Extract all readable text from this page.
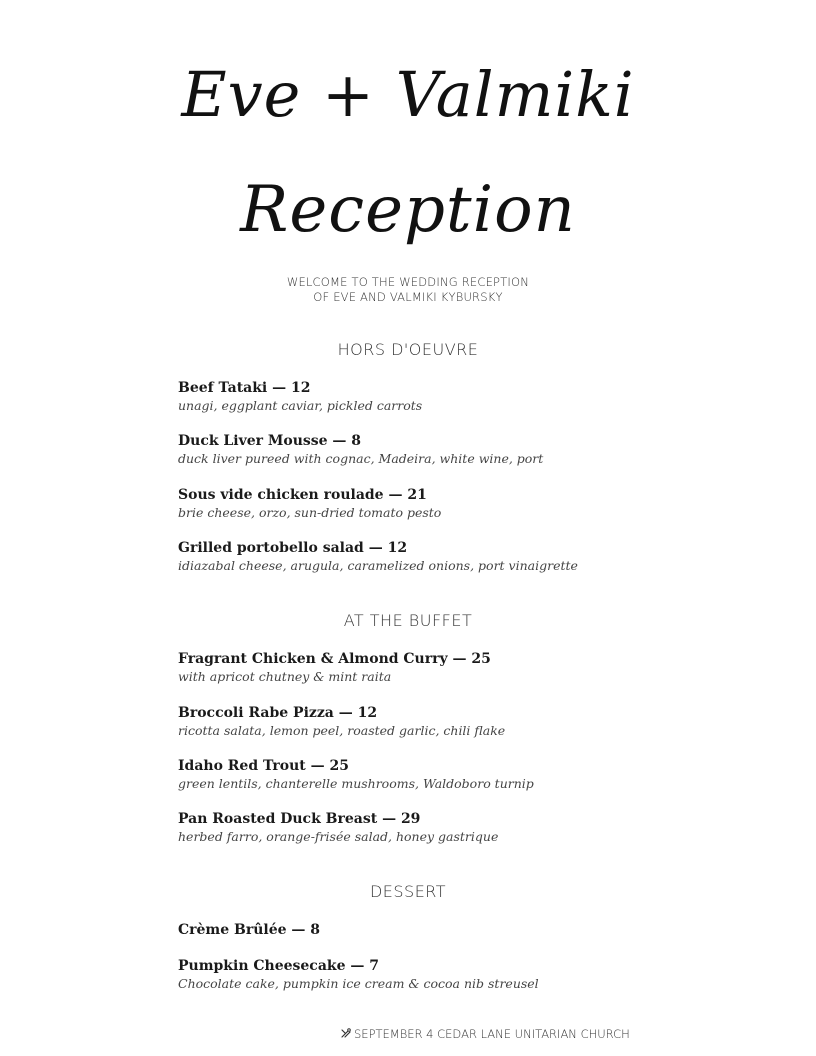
Eve + Valmiki
Reception
WELCOME TO THE WEDDING RECEPTION
OF EVE AND VALMIKI KYBURSKY
HORS D'OEUVRE
Beef Tataki — 12
unagi, eggplant caviar, pickled carrots
Duck Liver Mousse — 8
duck liver pureed with cognac, Madeira, white wine, port
Sous vide chicken roulade — 21
brie cheese, orzo, sun-dried tomato pesto
Grilled portobello salad — 12
idiazabal cheese, arugula, caramelized onions, port vinaigrette
AT THE BUFFET
Fragrant Chicken & Almond Curry — 25
with apricot chutney & mint raita
Broccoli Rabe Pizza — 12
ricotta salata, lemon peel, roasted garlic, chili flake
Idaho Red Trout — 25
green lentils, chanterelle mushrooms, Waldoboro turnip
Pan Roasted Duck Breast — 29
herbed farro, orange-frisée salad, honey gastrique
DESSERT
Crème Brûlée — 8
Pumpkin Cheesecake — 7
Chocolate cake, pumpkin ice cream & cocoa nib streusel
SEPTEMBER 4 CEDAR LANE UNITARIAN CHURCH
